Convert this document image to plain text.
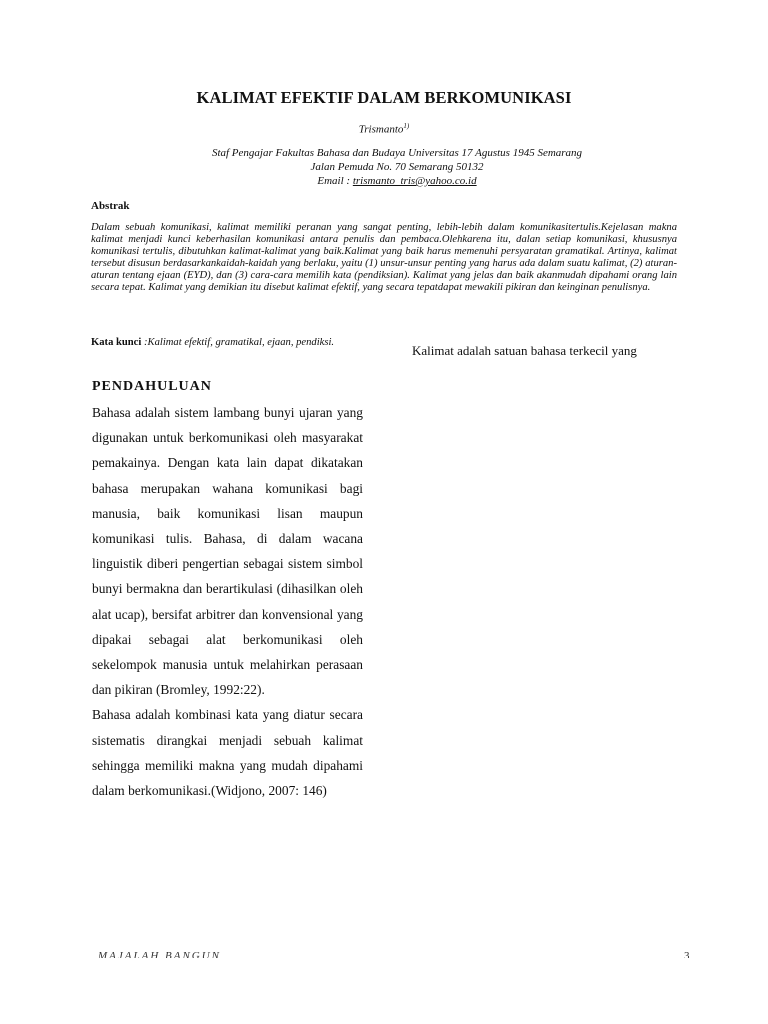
KALIMAT EFEKTIF DALAM BERKOMUNIKASI
Trismanto$^{1)}$
Staf Pengajar Fakultas Bahasa dan Budaya Universitas 17 Agustus 1945 Semarang
Jalan Pemuda No. 70 Semarang 50132
Email : trismanto_tris@yahoo.co.id
Abstrak
Dalam sebuah komunikasi, kalimat memiliki peranan yang sangat penting, lebih-lebih dalam komunikasitertulis.Kejelasan makna kalimat menjadi kunci keberhasilan komunikasi antara penulis dan pembaca.Olehkarena itu, dalan setiap komunikasi, khususnya komunikasi tertulis, dibutuhkan kalimat-kalimat yang baik.Kalimat yang baik harus memenuhi persyaratan gramatikal. Artinya, kalimat tersebut disusun berdasarkankaidah-kaidah yang berlaku, yaitu (1) unsur-unsur penting yang harus ada dalam suatu kalimat, (2) aturan-aturan tentang ejaan (EYD), dan (3) cara-cara memilih kata (pendiksian). Kalimat yang jelas dan baik akanmudah dipahami orang lain secara tepat. Kalimat yang demikian itu disebut kalimat efektif, yang secara tepatdapat mewakili pikiran dan keinginan penulisnya.
Kata kunci :Kalimat efektif, gramatikal, ejaan, pendiksi.
Kalimat adalah satuan bahasa terkecil yang
PENDAHULUAN

Bahasa adalah sistem lambang bunyi ujaran yang digunakan untuk berkomunikasi oleh masyarakat pemakainya. Dengan kata lain dapat dikatakan bahasa merupakan wahana komunikasi bagi manusia, baik komunikasi lisan maupun komunikasi tulis. Bahasa, di dalam wacana linguistik diberi pengertian sebagai sistem simbol bunyi bermakna dan berartikulasi (dihasilkan oleh alat ucap), bersifat arbitrer dan konvensional yang dipakai sebagai alat berkomunikasi oleh sekelompok manusia untuk melahirkan perasaan dan pikiran (Bromley, 1992:22).

Bahasa adalah kombinasi kata yang diatur secara sistematis dirangkai menjadi sebuah kalimat sehingga memiliki makna yang mudah dipahami dalam berkomunikasi.(Widjono, 2007: 146)

MAJALAH BANGUN	3
